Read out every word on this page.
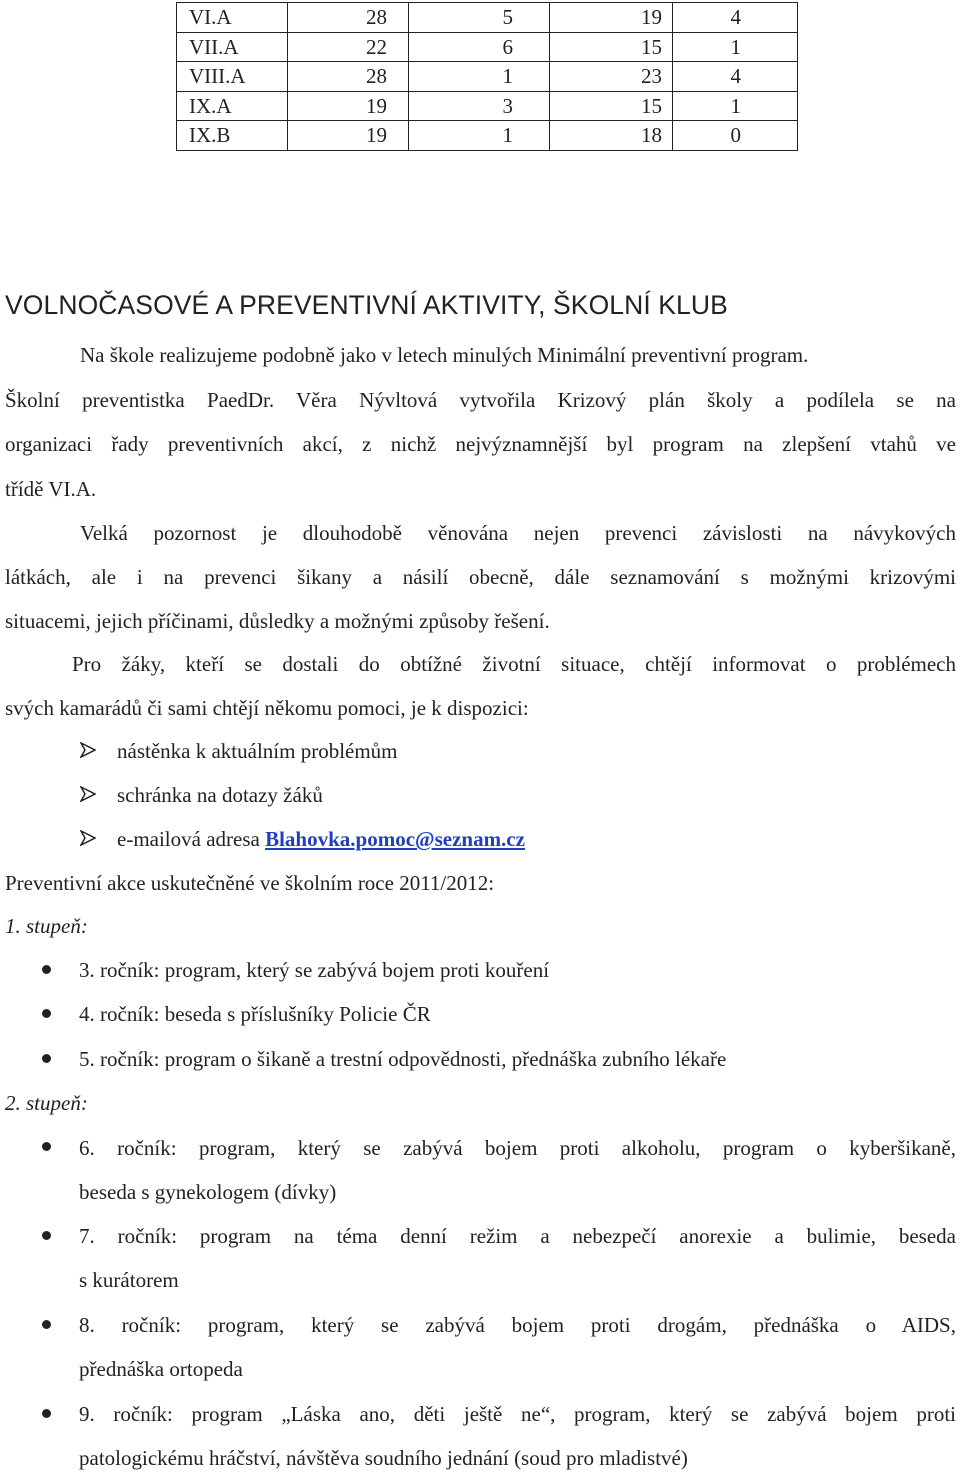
VI.A	28	5	19	4
VII.A	22	6	15	1
VIII.A	28	1	23	4
IX.A	19	3	15	1
IX.B	19	1	18	0
VOLNOČASOVÉ A PREVENTIVNÍ AKTIVITY, ŠKOLNÍ KLUB
Na škole realizujeme podobně jako v letech minulých Minimální preventivní program.
Školní preventistka PaedDr. Věra Nývltová vytvořila Krizový plán školy a podílela se na
organizaci řady preventivních akcí, z nichž nejvýznamnější byl program na zlepšení vtahů ve
třídě VI.A.
Velká pozornost je dlouhodobě věnována nejen prevenci závislosti na návykových
látkách, ale i na prevenci šikany a násilí obecně, dále seznamování s možnými krizovými
situacemi, jejich příčinami, důsledky a možnými způsoby řešení.
Pro žáky, kteří se dostali do obtížné životní situace, chtějí informovat o problémech
svých kamarádů či sami chtějí někomu pomoci, je k dispozici:
nástěnka k aktuálním problémům
schránka na dotazy žáků
e-mailová adresa Blahovka.pomoc@seznam.cz
Preventivní akce uskutečněné ve školním roce 2011/2012:
1. stupeň:
3. ročník: program, který se zabývá bojem proti kouření
4. ročník: beseda s příslušníky Policie ČR
5. ročník: program o šikaně a trestní odpovědnosti, přednáška zubního lékaře
2. stupeň:
6. ročník: program, který se zabývá bojem proti alkoholu, program o kyberšikaně,
beseda s gynekologem (dívky)
7. ročník: program na téma denní režim a nebezpečí anorexie a bulimie, beseda
s kurátorem
8. ročník: program, který se zabývá bojem proti drogám, přednáška o AIDS,
přednáška ortopeda
9. ročník: program „Láska ano, děti ještě ne“, program, který se zabývá bojem proti
patologickému hráčství, návštěva soudního jednání (soud pro mladistvé)
